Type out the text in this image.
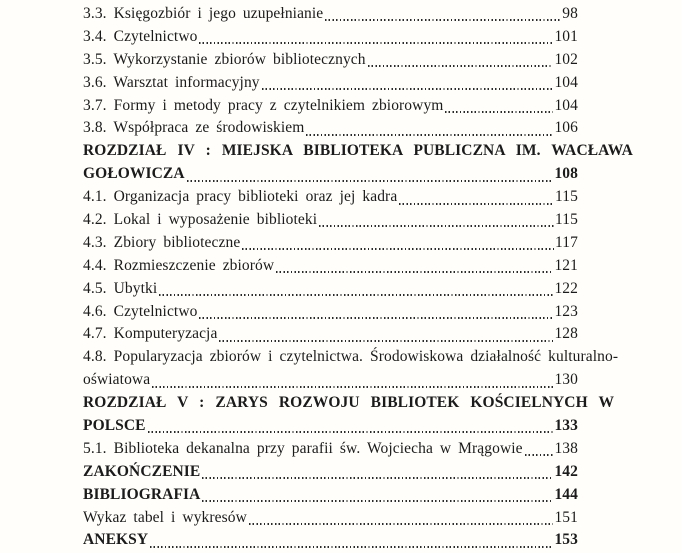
3.3. Księgozbiór i jego uzupełnianie	98
3.4. Czytelnictwo	101
3.5. Wykorzystanie zbiorów bibliotecznych	102
3.6. Warsztat informacyjny	104
3.7. Formy i metody pracy z czytelnikiem zbiorowym	104
3.8. Współpraca ze środowiskiem	106
ROZDZIAŁ IV : MIEJSKA BIBLIOTEKA PUBLICZNA IM. WACŁAWA
GOŁOWICZA	108
4.1. Organizacja pracy biblioteki oraz jej kadra	115
4.2. Lokal i wyposażenie biblioteki	115
4.3. Zbiory biblioteczne	117
4.4. Rozmieszczenie zbiorów	121
4.5. Ubytki	122
4.6. Czytelnictwo	123
4.7. Komputeryzacja	128
4.8. Popularyzacja zbiorów i czytelnictwa. Środowiskowa działalność kulturalno-
oświatowa	130
ROZDZIAŁ V : ZARYS ROZWOJU BIBLIOTEK KOŚCIELNYCH W
POLSCE	133
5.1. Biblioteka dekanalna przy parafii św. Wojciecha w Mrągowie 138
ZAKOŃCZENIE	142
BIBLIOGRAFIA	144
Wykaz tabel i wykresów	151
ANEKSY	153
